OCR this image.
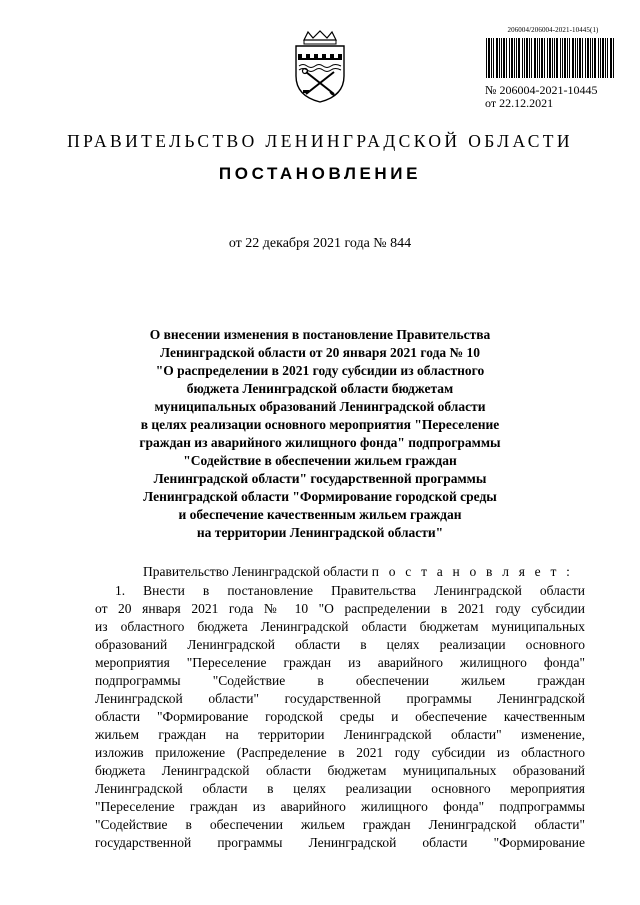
206004/206004-2021-10445(1)
№ 206004-2021-10445
от 22.12.2021
ПРАВИТЕЛЬСТВО ЛЕНИНГРАДСКОЙ ОБЛАСТИ
ПОСТАНОВЛЕНИЕ
от 22 декабря 2021 года № 844
О внесении изменения в постановление Правительства
Ленинградской области от 20 января 2021 года № 10
"О распределении в 2021 году субсидии из областного
бюджета Ленинградской области бюджетам
муниципальных образований Ленинградской области
в целях реализации основного мероприятия "Переселение
граждан из аварийного жилищного фонда" подпрограммы
"Содействие в обеспечении жильем граждан
Ленинградской области" государственной программы
Ленинградской области "Формирование городской среды
и обеспечение качественным жильем граждан
на территории Ленинградской области"
Правительство Ленинградской области п о с т а н о в л я е т :
1. Внести в постановление Правительства Ленинградской области
от 20 января 2021 года № 10 "О распределении в 2021 году субсидии
из областного бюджета Ленинградской области бюджетам муниципальных
образований Ленинградской области в целях реализации основного
мероприятия "Переселение граждан из аварийного жилищного фонда"
подпрограммы "Содействие в обеспечении жильем граждан
Ленинградской области" государственной программы Ленинградской
области "Формирование городской среды и обеспечение качественным
жильем граждан на территории Ленинградской области" изменение,
изложив приложение (Распределение в 2021 году субсидии из областного
бюджета Ленинградской области бюджетам муниципальных образований
Ленинградской области в целях реализации основного мероприятия
"Переселение граждан из аварийного жилищного фонда" подпрограммы
"Содействие в обеспечении жильем граждан Ленинградской области"
государственной программы Ленинградской области "Формирование
